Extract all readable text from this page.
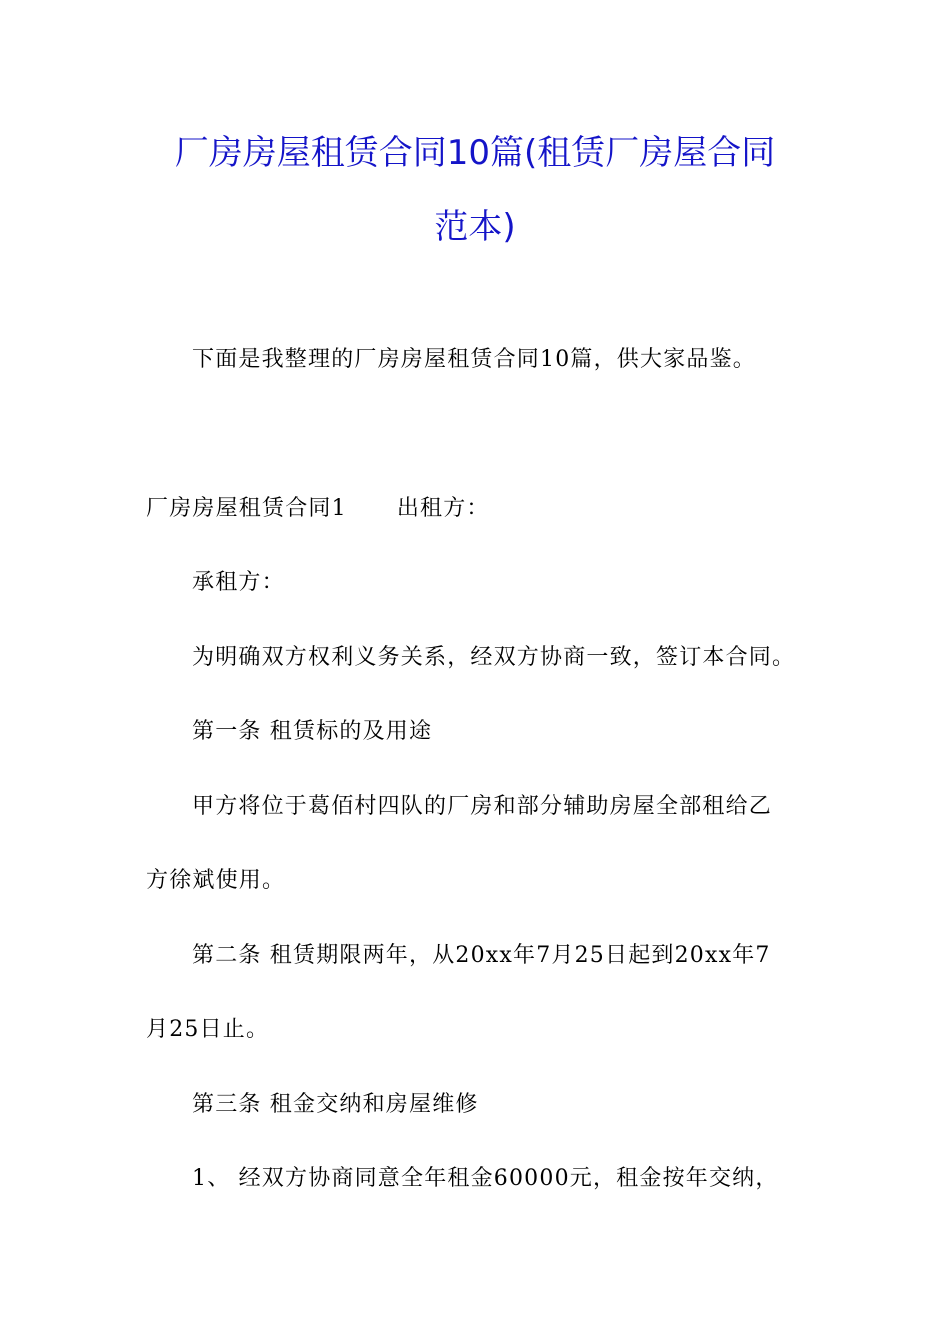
厂房房屋租赁合同10篇(租赁厂房屋合同
范本)
下面是我整理的厂房房屋租赁合同10篇，供大家品鉴。
厂房房屋租赁合同1 出租方：
承租方：
为明确双方权利义务关系，经双方协商一致，签订本合同。
第一条 租赁标的及用途
甲方将位于葛佰村四队的厂房和部分辅助房屋全部租给乙
方徐斌使用。
第二条 租赁期限两年，从20xx年7月25日起到20xx年7
月25日止。
第三条 租金交纳和房屋维修
1、 经双方协商同意全年租金60000元，租金按年交纳，
